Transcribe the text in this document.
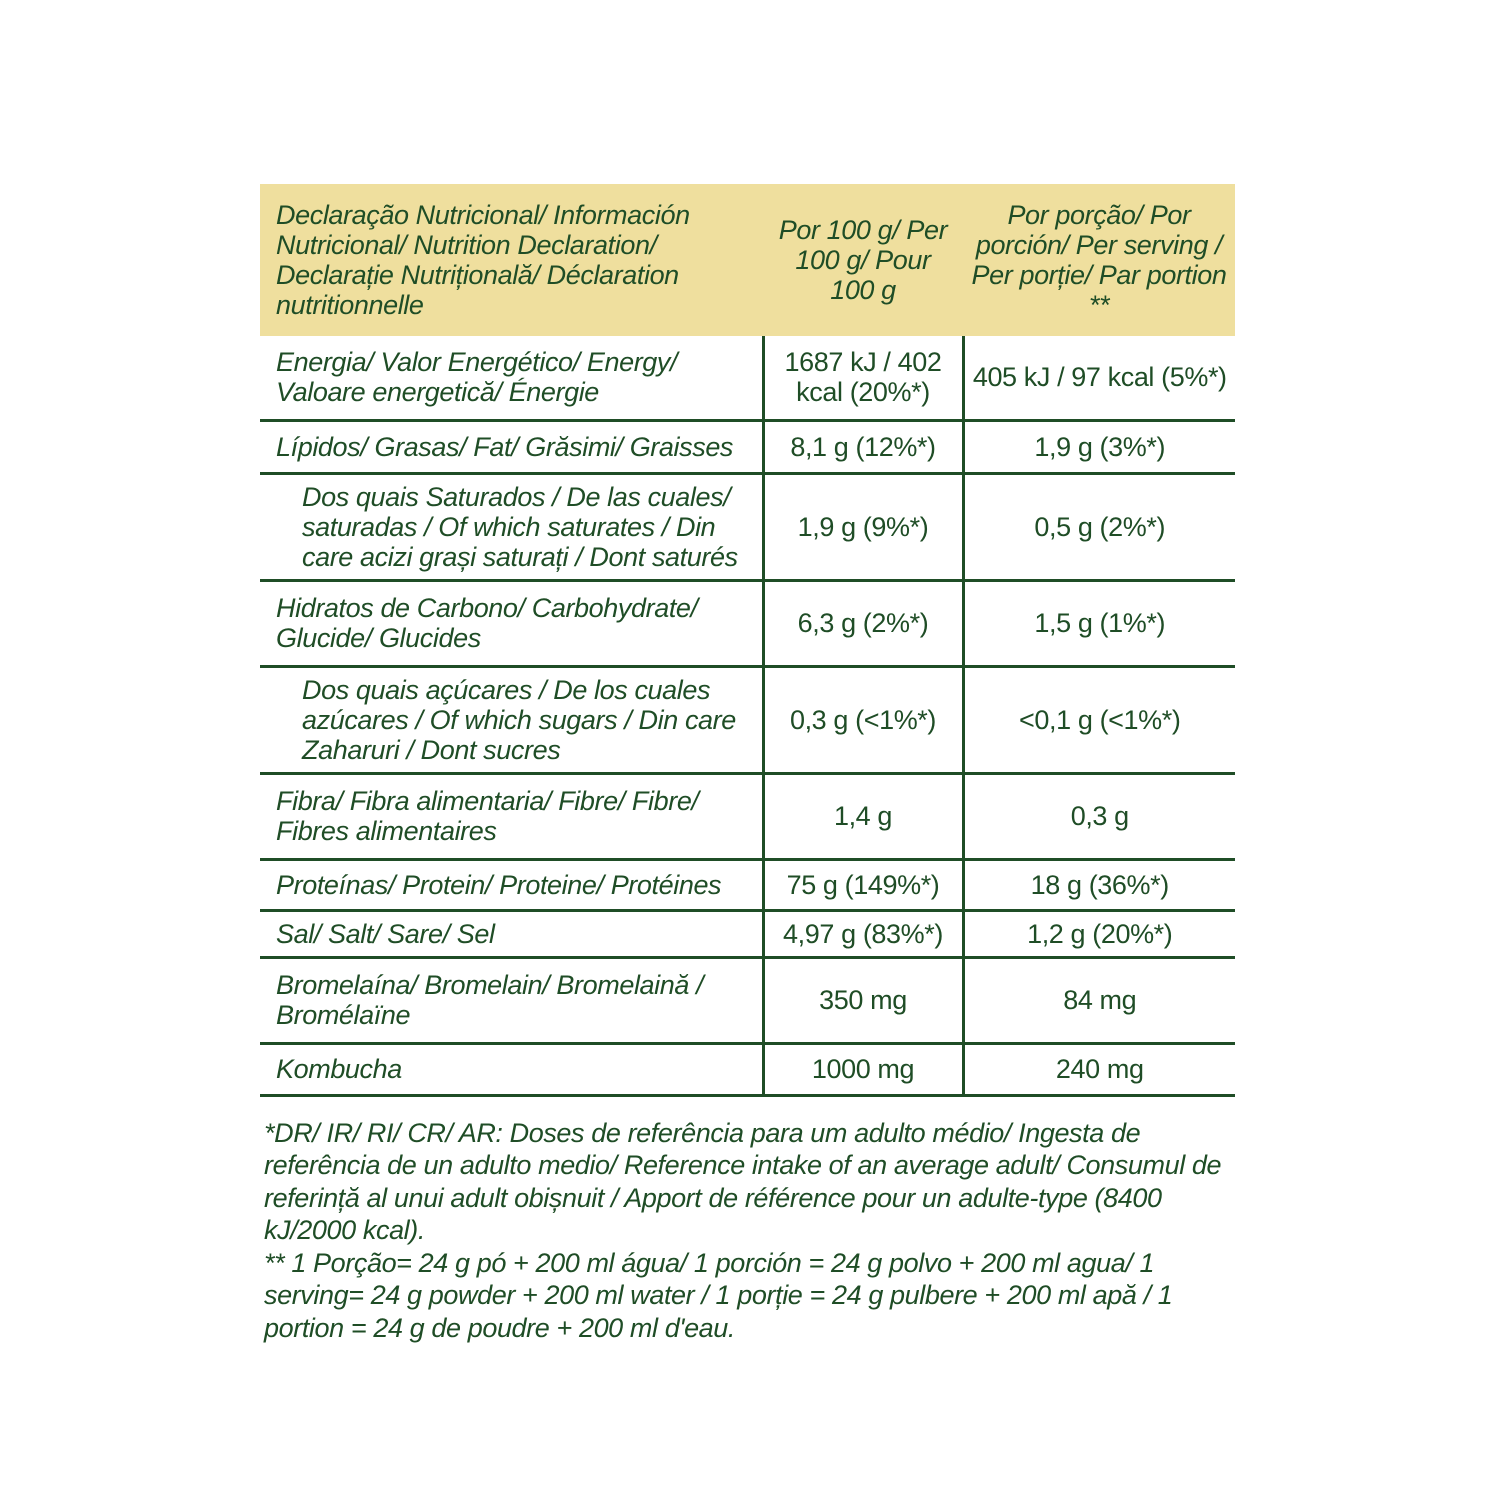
Declaração Nutricional/ Información Nutricional/ Nutrition Declaration/ Declarație Nutrițională/ Déclaration nutritionnelle	Por 100 g/ Per 100 g/ Pour 100 g	Por porção/ Por porción/ Per serving / Per porție/ Par portion **
Energia/ Valor Energético/ Energy/ Valoare energetică/ Énergie	1687 kJ / 402 kcal (20%*)	405 kJ / 97 kcal (5%*)
Lípidos/ Grasas/ Fat/ Grăsimi/ Graisses	8,1 g (12%*)	1,9 g (3%*)
Dos quais Saturados / De las cuales/ saturadas / Of which saturates / Din care acizi grași saturați / Dont saturés	1,9 g (9%*)	0,5 g (2%*)
Hidratos de Carbono/ Carbohydrate/ Glucide/ Glucides	6,3 g (2%*)	1,5 g (1%*)
Dos quais açúcares / De los cuales azúcares / Of which sugars / Din care Zaharuri / Dont sucres	0,3 g (<1%*)	<0,1 g (<1%*)
Fibra/ Fibra alimentaria/ Fibre/ Fibre/ Fibres alimentaires	1,4 g	0,3 g
Proteínas/ Protein/ Proteine/ Protéines	75 g (149%*)	18 g (36%*)
Sal/ Salt/ Sare/ Sel	4,97 g (83%*)	1,2 g (20%*)
Bromelaína/ Bromelain/ Bromelaină / Bromélaïne	350 mg	84 mg
Kombucha	1000 mg	240 mg

*DR/ IR/ RI/ CR/ AR: Doses de referência para um adulto médio/ Ingesta de referência de un adulto medio/ Reference intake of an average adult/ Consumul de referință al unui adult obișnuit / Apport de référence pour un adulte-type (8400 kJ/2000 kcal).

** 1 Porção= 24 g pó + 200 ml água/ 1 porción = 24 g polvo + 200 ml agua/ 1 serving= 24 g powder + 200 ml water / 1 porție = 24 g pulbere + 200 ml apă / 1 portion = 24 g de poudre + 200 ml d'eau.
